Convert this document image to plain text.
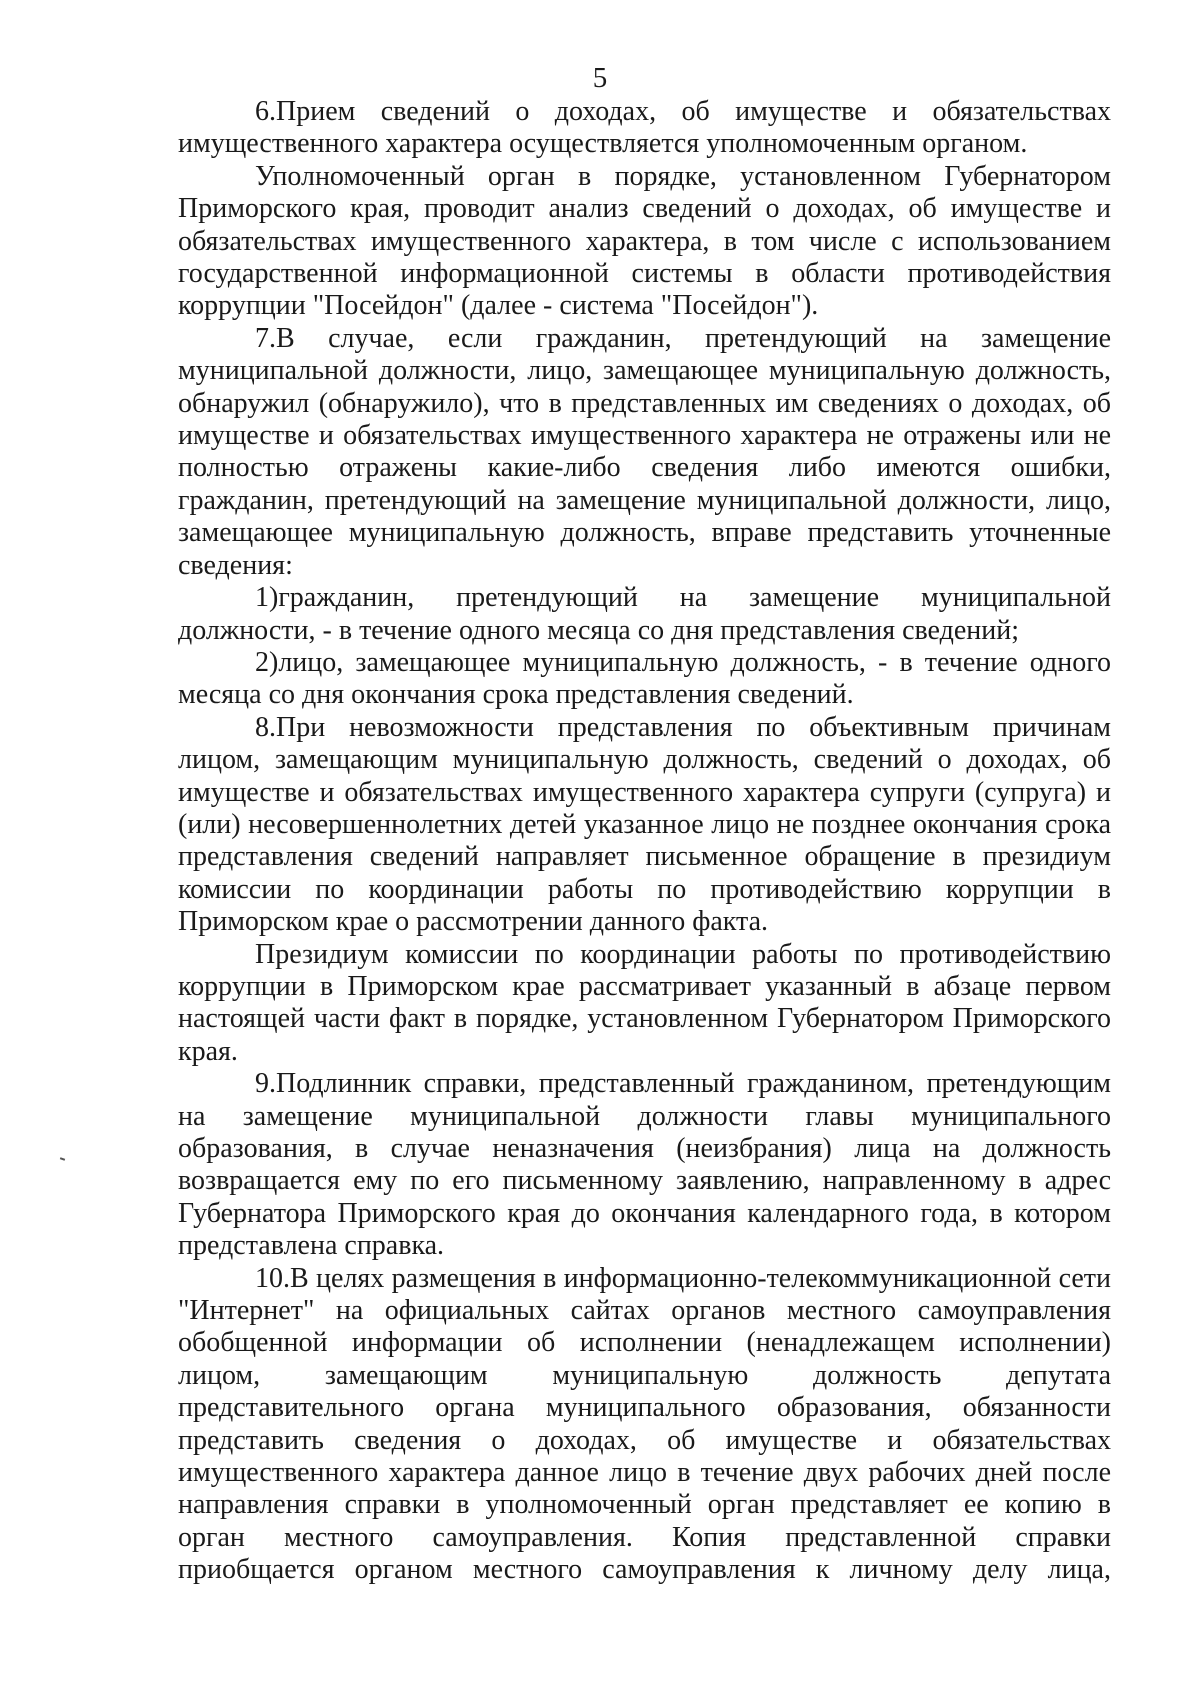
5

6.Прием сведений о доходах, об имуществе и обязательствах имущественного характера осуществляется уполномоченным органом.

Уполномоченный орган в порядке, установленном Губернатором Приморского края, проводит анализ сведений о доходах, об имуществе и обязательствах имущественного характера, в том числе с использованием государственной информационной системы в области противодействия коррупции "Посейдон" (далее - система "Посейдон").

7.В случае, если гражданин, претендующий на замещение муниципальной должности, лицо, замещающее муниципальную должность, обнаружил (обнаружило), что в представленных им сведениях о доходах, об имуществе и обязательствах имущественного характера не отражены или не полностью отражены какие-либо сведения либо имеются ошибки, гражданин, претендующий на замещение муниципальной должности, лицо, замещающее муниципальную должность, вправе представить уточненные сведения:

1)гражданин, претендующий на замещение муниципальной должности, - в течение одного месяца со дня представления сведений;

2)лицо, замещающее муниципальную должность, - в течение одного месяца со дня окончания срока представления сведений.

8.При невозможности представления по объективным причинам лицом, замещающим муниципальную должность, сведений о доходах, об имуществе и обязательствах имущественного характера супруги (супруга) и (или) несовершеннолетних детей указанное лицо не позднее окончания срока представления сведений направляет письменное обращение в президиум комиссии по координации работы по противодействию коррупции в Приморском крае о рассмотрении данного факта.

Президиум комиссии по координации работы по противодействию коррупции в Приморском крае рассматривает указанный в абзаце первом настоящей части факт в порядке, установленном Губернатором Приморского края.

9.Подлинник справки, представленный гражданином, претендующим на замещение муниципальной должности главы муниципального образования, в случае неназначения (неизбрания) лица на должность возвращается ему по его письменному заявлению, направленному в адрес Губернатора Приморского края до окончания календарного года, в котором представлена справка.

10.В целях размещения в информационно-телекоммуникационной сети "Интернет" на официальных сайтах органов местного самоуправления обобщенной информации об исполнении (ненадлежащем исполнении) лицом, замещающим муниципальную должность депутата представительного органа муниципального образования, обязанности представить сведения о доходах, об имуществе и обязательствах имущественного характера данное лицо в течение двух рабочих дней после направления справки в уполномоченный орган представляет ее копию в орган местного самоуправления. Копия представленной справки приобщается органом местного самоуправления к личному делу лица,
